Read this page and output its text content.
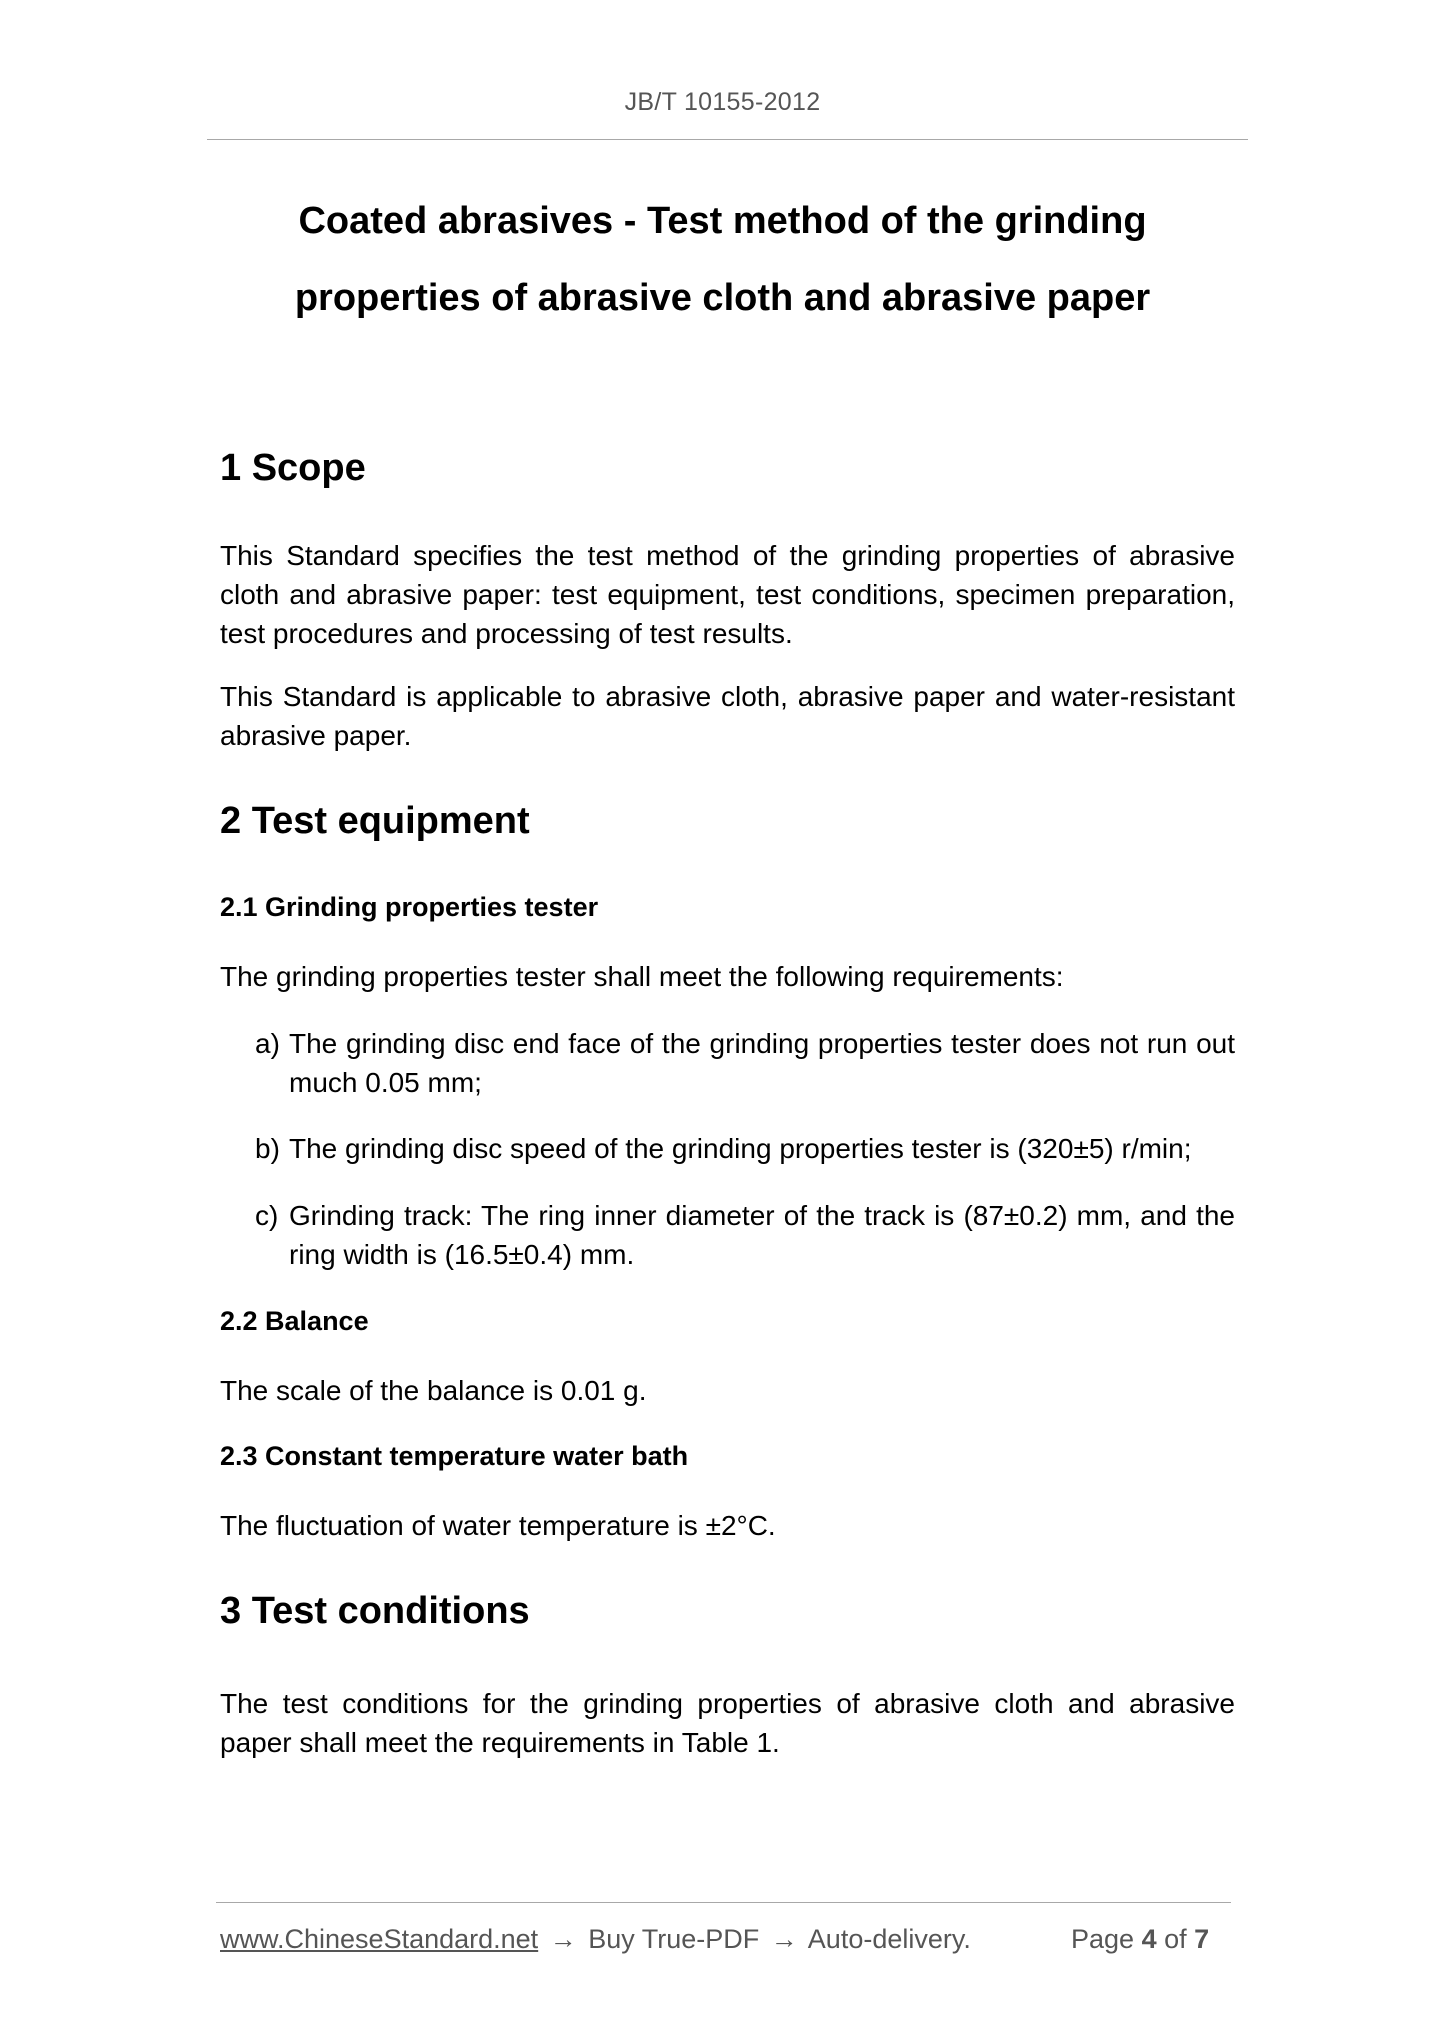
JB/T 10155-2012
Coated abrasives - Test method of the grinding
properties of abrasive cloth and abrasive paper
1 Scope
This Standard specifies the test method of the grinding properties of abrasive cloth and abrasive paper: test equipment, test conditions, specimen preparation, test procedures and processing of test results.
This Standard is applicable to abrasive cloth, abrasive paper and water-resistant abrasive paper.
2 Test equipment
2.1 Grinding properties tester
The grinding properties tester shall meet the following requirements:
a) The grinding disc end face of the grinding properties tester does not run out much 0.05 mm;
b) The grinding disc speed of the grinding properties tester is (320±5) r/min;
c) Grinding track: The ring inner diameter of the track is (87±0.2) mm, and the ring width is (16.5±0.4) mm.
2.2 Balance
The scale of the balance is 0.01 g.
2.3 Constant temperature water bath
The fluctuation of water temperature is ±2°C.
3 Test conditions
The test conditions for the grinding properties of abrasive cloth and abrasive paper shall meet the requirements in Table 1.
www.ChineseStandard.net → Buy True-PDF → Auto-delivery.	Page 4 of 7
